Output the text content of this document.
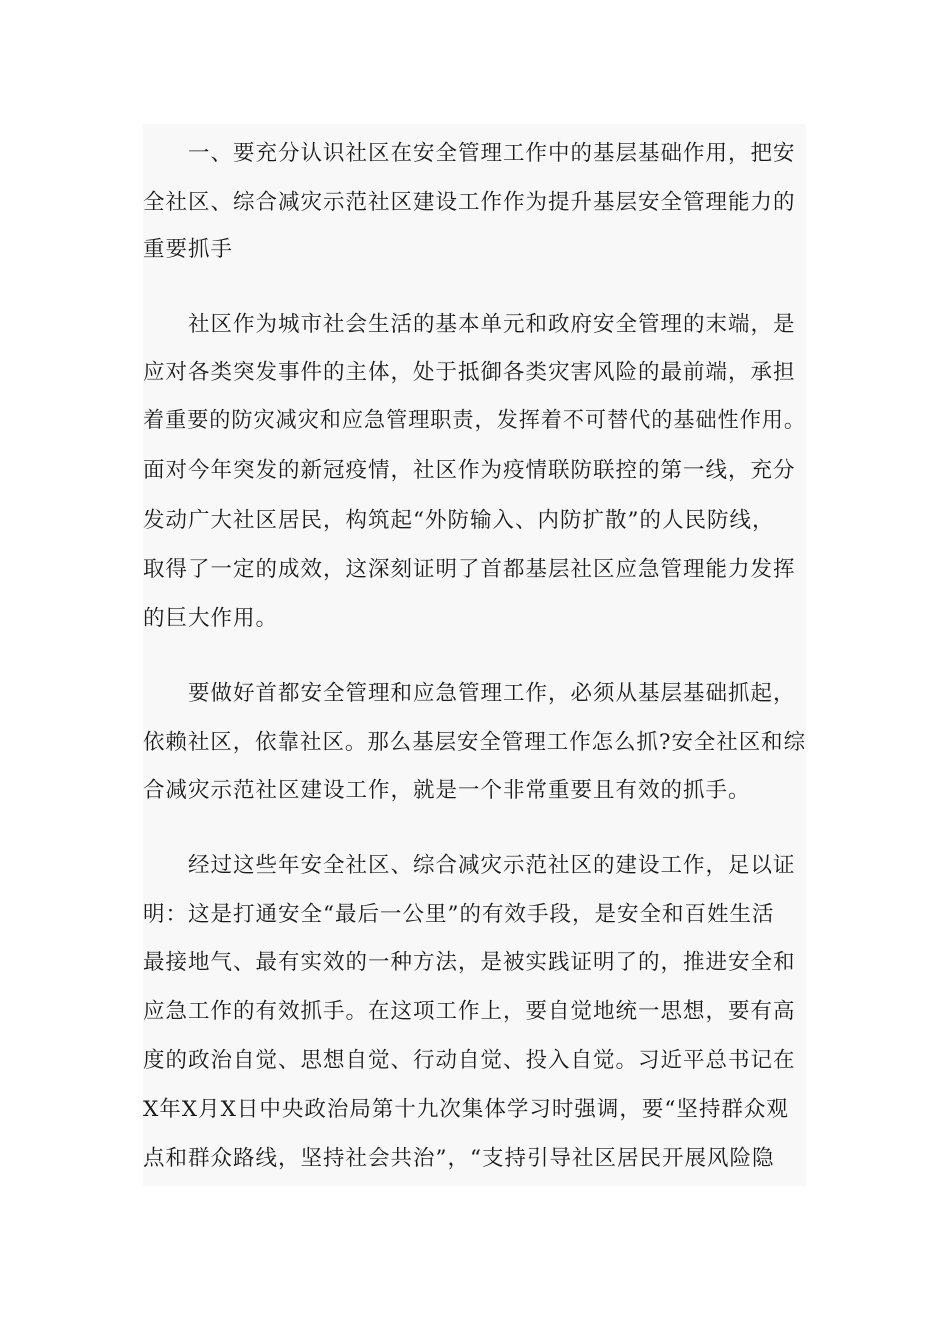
一、要充分认识社区在安全管理工作中的基层基础作用，把安
全社区、综合减灾示范社区建设工作作为提升基层安全管理能力的
重要抓手
社区作为城市社会生活的基本单元和政府安全管理的末端，是
应对各类突发事件的主体，处于抵御各类灾害风险的最前端，承担
着重要的防灾减灾和应急管理职责，发挥着不可替代的基础性作用。
面对今年突发的新冠疫情，社区作为疫情联防联控的第一线，充分
发动广大社区居民，构筑起“外防输入、内防扩散”的人民防线，
取得了一定的成效，这深刻证明了首都基层社区应急管理能力发挥
的巨大作用。
要做好首都安全管理和应急管理工作，必须从基层基础抓起，
依赖社区，依靠社区。那么基层安全管理工作怎么抓?安全社区和综
合减灾示范社区建设工作，就是一个非常重要且有效的抓手。
经过这些年安全社区、综合减灾示范社区的建设工作，足以证
明：这是打通安全“最后一公里”的有效手段，是安全和百姓生活
最接地气、最有实效的一种方法，是被实践证明了的，推进安全和
应急工作的有效抓手。在这项工作上，要自觉地统一思想，要有高
度的政治自觉、思想自觉、行动自觉、投入自觉。习近平总书记在
X年X月X日中央政治局第十九次集体学习时强调，要“坚持群众观
点和群众路线，坚持社会共治”，“支持引导社区居民开展风险隐
